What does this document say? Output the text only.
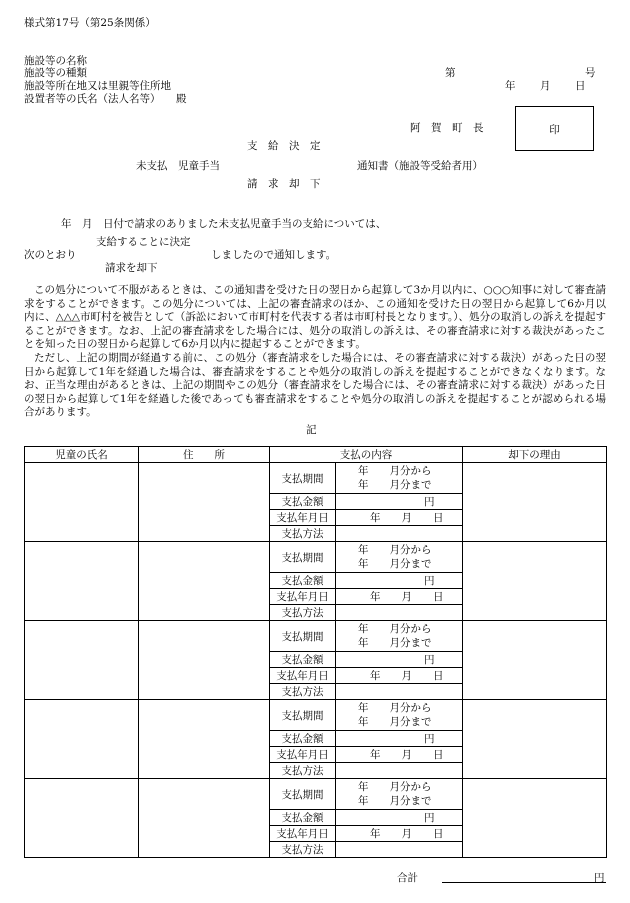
様式第17号（第25条関係）
施設等の名称
施設等の種類
施設等所在地又は里親等住所地
設置者等の氏名（法人名等） 殿
第	号
年 月 日
阿　賀　町　長	印
支　給　決　定
未支払　児童手当	通知書（施設等受給者用）
請　求　却　下
年　月　日付で請求のありました未支払児童手当の支給については、
支給することに決定
次のとおり	しましたので通知します。
請求を却下
この処分について不服があるときは、この通知書を受けた日の翌日から起算して3か月以内に、○○○知事に対して審査請求をすることができます。この処分については、上記の審査請求のほか、この通知を受けた日の翌日から起算して6か月以内に、△△△市町村を被告として（訴訟において市町村を代表する者は市町村長となります。）、処分の取消しの訴えを提起することができます。なお、上記の審査請求をした場合には、処分の取消しの訴えは、その審査請求に対する裁決があったことを知った日の翌日から起算して6か月以内に提起することができます。
ただし、上記の期間が経過する前に、この処分（審査請求をした場合には、その審査請求に対する裁決）があった日の翌日から起算して1年を経過した場合は、審査請求をすることや処分の取消しの訴えを提起することができなくなります。なお、正当な理由があるときは、上記の期間やこの処分（審査請求をした場合には、その審査請求に対する裁決）があった日の翌日から起算して1年を経過した後であっても審査請求をすることや処分の取消しの訴えを提起することが認められる場合があります。
記
児童の氏名	住　　所	支払の内容		却下の理由
		支払期間	年　　月分から
年　　月分まで	

		支払金額	円	
		支払年月日	年　　月　　日	
		支払方法		
		支払期間	年　　月分から
年　　月分まで	

		支払金額	円	
		支払年月日	年　　月　　日	
		支払方法		
		支払期間	年　　月分から
年　　月分まで	

		支払金額	円	
		支払年月日	年　　月　　日	
		支払方法		
		支払期間	年　　月分から
年　　月分まで	

		支払金額	円	
		支払年月日	年　　月　　日	
		支払方法		
		支払期間	年　　月分から
年　　月分まで	

		支払金額	円	
		支払年月日	年　　月　　日	
		支払方法		
合計	円
